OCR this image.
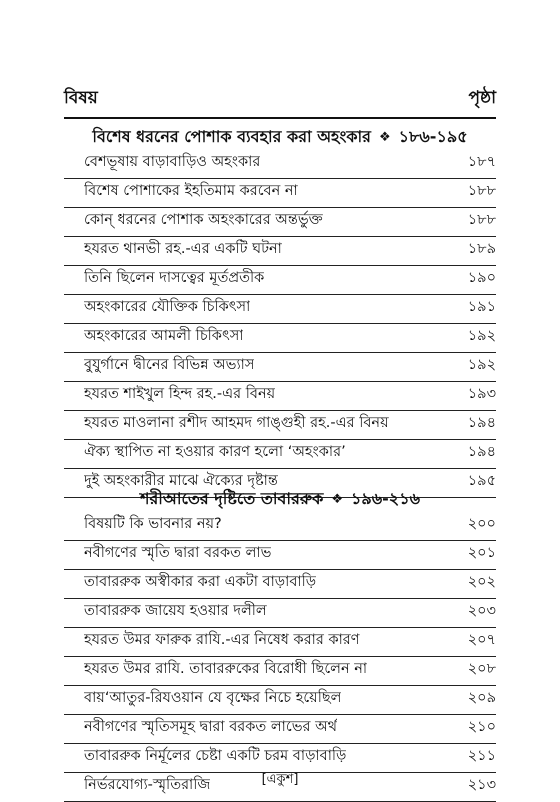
বিষয়	পৃষ্ঠা
বিশেষ ধরনের পোশাক ব্যবহার করা অহংকার ❖ ১৮৬-১৯৫
বেশভূষায় বাড়াবাড়িও অহংকার	১৮৭
বিশেষ পোশাকের ইহতিমাম করবেন না	১৮৮
কোন্ ধরনের পোশাক অহংকারের অন্তর্ভুক্ত	১৮৮
হযরত থানভী রহ.-এর একটি ঘটনা	১৮৯
তিনি ছিলেন দাসত্বের মূর্তপ্রতীক	১৯০
অহংকারের যৌক্তিক চিকিৎসা	১৯১
অহংকারের আমলী চিকিৎসা	১৯২
বুযুর্গানে দ্বীনের বিভিন্ন অভ্যাস	১৯২
হযরত শাইখুল হিন্দ রহ.-এর বিনয়	১৯৩
হযরত মাওলানা রশীদ আহমদ গাঙ্গুহী রহ.-এর বিনয়	১৯৪
ঐক্য স্থাপিত না হওয়ার কারণ হলো ‘অহংকার’	১৯৪
দুই অহংকারীর মাঝে ঐক্যের দৃষ্টান্ত	১৯৫
শরীআতের দৃষ্টিতে তাবাররুক ❖ ১৯৬-২১৬
বিষয়টি কি ভাবনার নয়?	২০০
নবীগণের স্মৃতি দ্বারা বরকত লাভ	২০১
তাবাররুক অস্বীকার করা একটা বাড়াবাড়ি	২০২
তাবাররুক জায়েয হওয়ার দলীল	২০৩
হযরত উমর ফারুক রাযি.-এর নিষেধ করার কারণ	২০৭
হযরত উমর রাযি. তাবাররুকের বিরোধী ছিলেন না	২০৮
বায়‘আতুর-রিযওয়ান যে বৃক্ষের নিচে হয়েছিল	২০৯
নবীগণের স্মৃতিসমূহ দ্বারা বরকত লাভের অর্থ	২১০
তাবাররুক নির্মূলের চেষ্টা একটি চরম বাড়াবাড়ি	২১১
নির্ভরযোগ্য-স্মৃতিরাজি	২১৩
[একুশ]
